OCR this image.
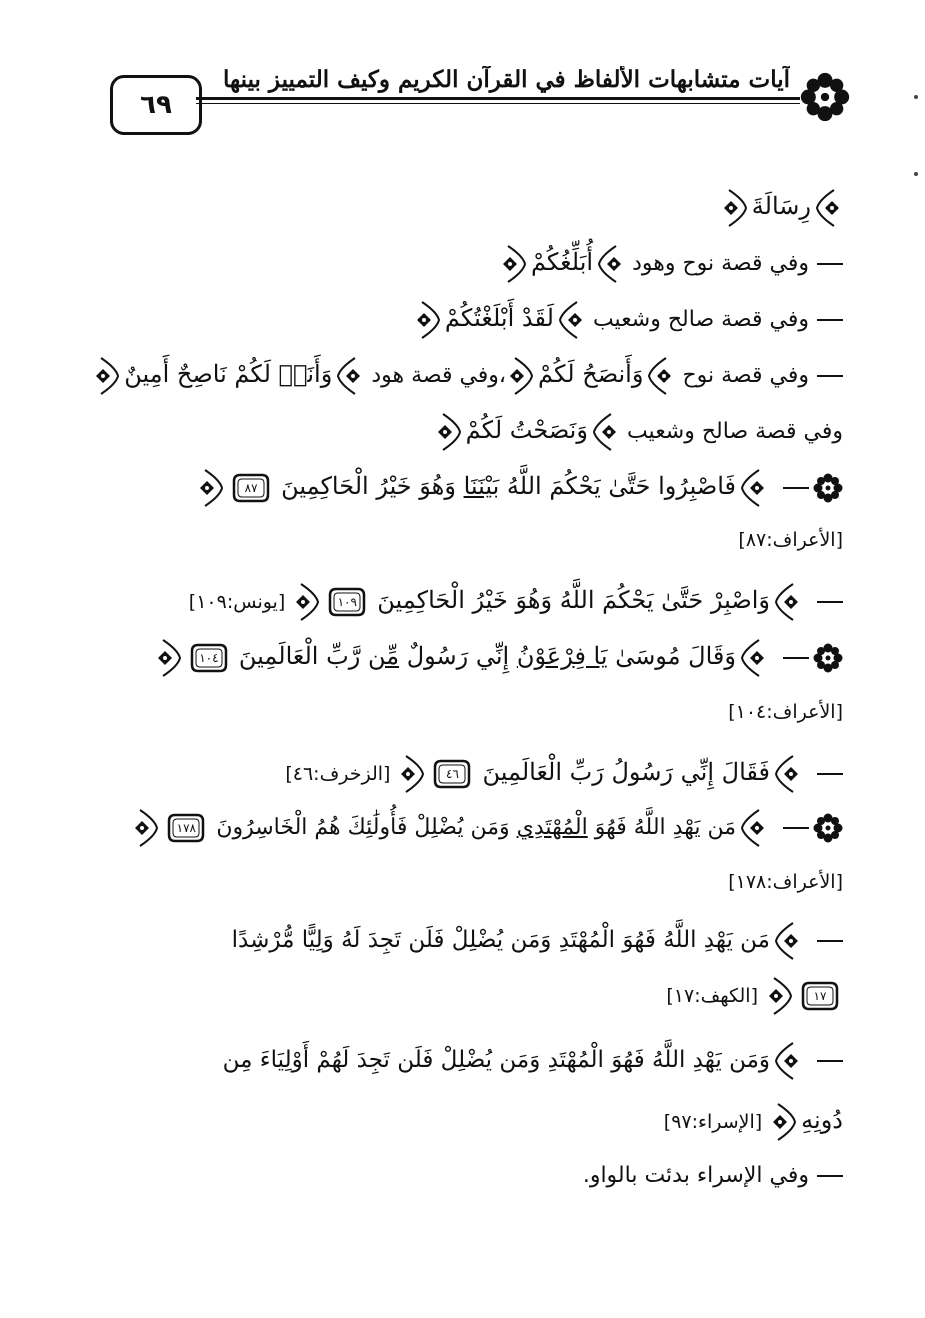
٦٩
آيات متشابهات الألفاظ في القرآن الكريم وكيف التمييز بينها
رِسَالَةَ
وفي قصة نوح وهود أُبَلِّغُكُمْ
وفي قصة صالح وشعيب لَقَدْ أَبْلَغْتُكُمْ
وفي قصة نوح وَأَنصَحُ لَكُمْ،وفي قصة هود وَأَنَا۠ لَكُمْ نَاصِحٌ أَمِينٌ
وفي قصة صالح وشعيب وَنَصَحْتُ لَكُمْ
فَاصْبِرُوا حَتَّىٰ يَحْكُمَ اللَّهُ بَيْنَنَا وَهُوَ خَيْرُ الْحَاكِمِينَ
٨٧
[الأعراف:٨٧]
وَاصْبِرْ حَتَّىٰ يَحْكُمَ اللَّهُ وَهُوَ خَيْرُ الْحَاكِمِينَ
١٠٩
[يونس:١٠٩]
وَقَالَ مُوسَىٰ يَا فِرْعَوْنُ إِنِّي رَسُولٌ مِّن رَّبِّ الْعَالَمِينَ
١٠٤
[الأعراف:١٠٤]
فَقَالَ إِنِّي رَسُولُ رَبِّ الْعَالَمِينَ
٤٦
[الزخرف:٤٦]
مَن يَهْدِ اللَّهُ فَهُوَ الْمُهْتَدِي وَمَن يُضْلِلْ فَأُولَٰئِكَ هُمُ الْخَاسِرُونَ
١٧٨
[الأعراف:١٧٨]
مَن يَهْدِ اللَّهُ فَهُوَ الْمُهْتَدِ وَمَن يُضْلِلْ فَلَن تَجِدَ لَهُ وَلِيًّا مُّرْشِدًا
١٧
[الكهف:١٧]
وَمَن يَهْدِ اللَّهُ فَهُوَ الْمُهْتَدِ وَمَن يُضْلِلْ فَلَن تَجِدَ لَهُمْ أَوْلِيَاءَ مِن
دُونِهِ [الإسراء:٩٧]
وفي الإسراء بدئت بالواو.
